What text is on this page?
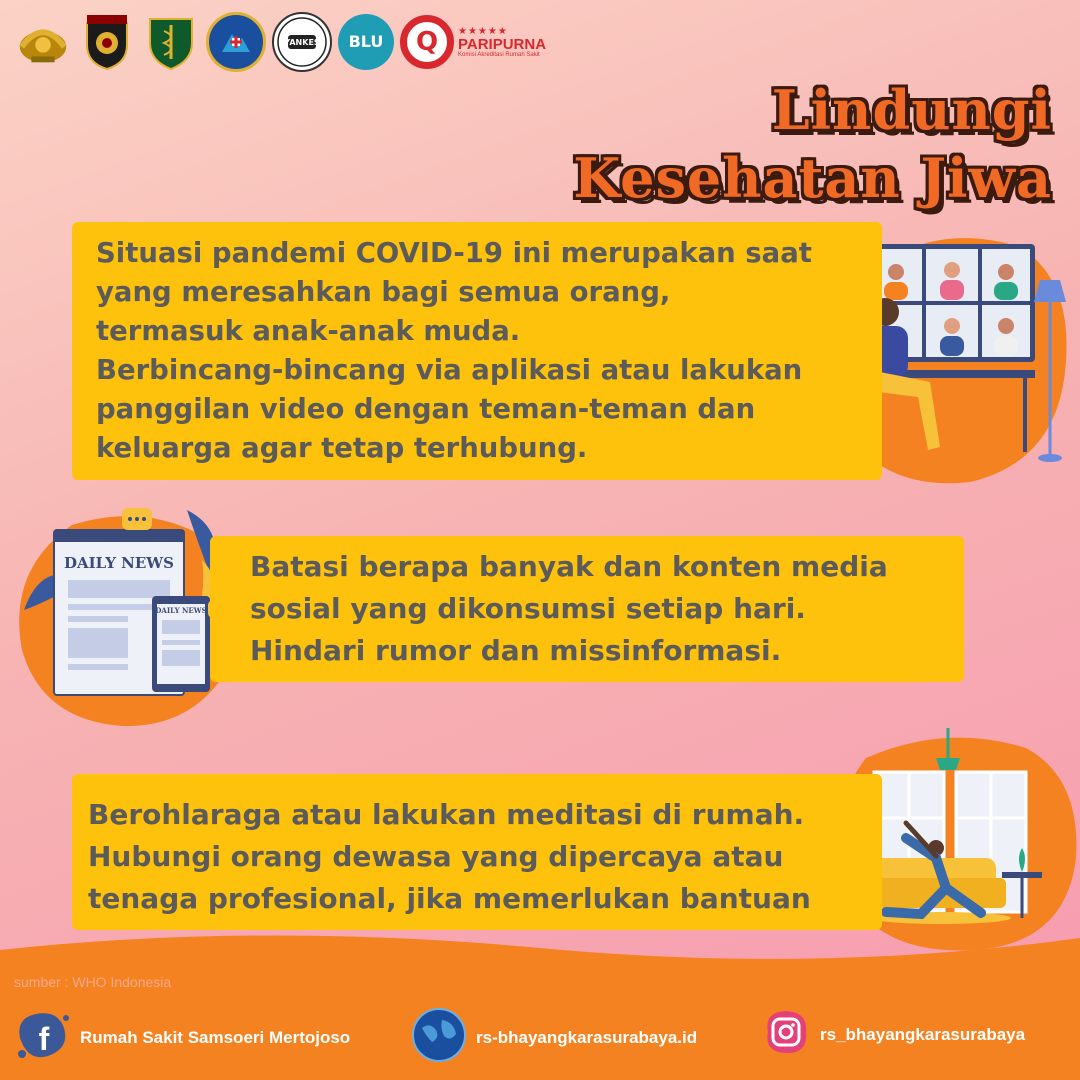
YANKES BLU	Q	★★★★★
PARIPURNA
Komisi Akreditasi Rumah Sakit
Lindungi
Kesehatan Jiwa
DAILY NEWS
DAILY NEWS
Situasi pandemi COVID-19 ini merupakan saat
yang meresahkan bagi semua orang,
termasuk anak-anak muda.
Berbincang-bincang via aplikasi atau lakukan
panggilan video dengan teman-teman dan
keluarga agar tetap terhubung.
Batasi berapa banyak dan konten media
sosial yang dikonsumsi setiap hari.
Hindari rumor dan missinformasi.
Berohlaraga atau lakukan meditasi di rumah.
Hubungi orang dewasa yang dipercaya atau
tenaga profesional, jika memerlukan bantuan
sumber : WHO Indonesia
f Rumah Sakit Samsoeri Mertojoso	rs-bhayangkarasurabaya.id	rs_bhayangkarasurabaya
